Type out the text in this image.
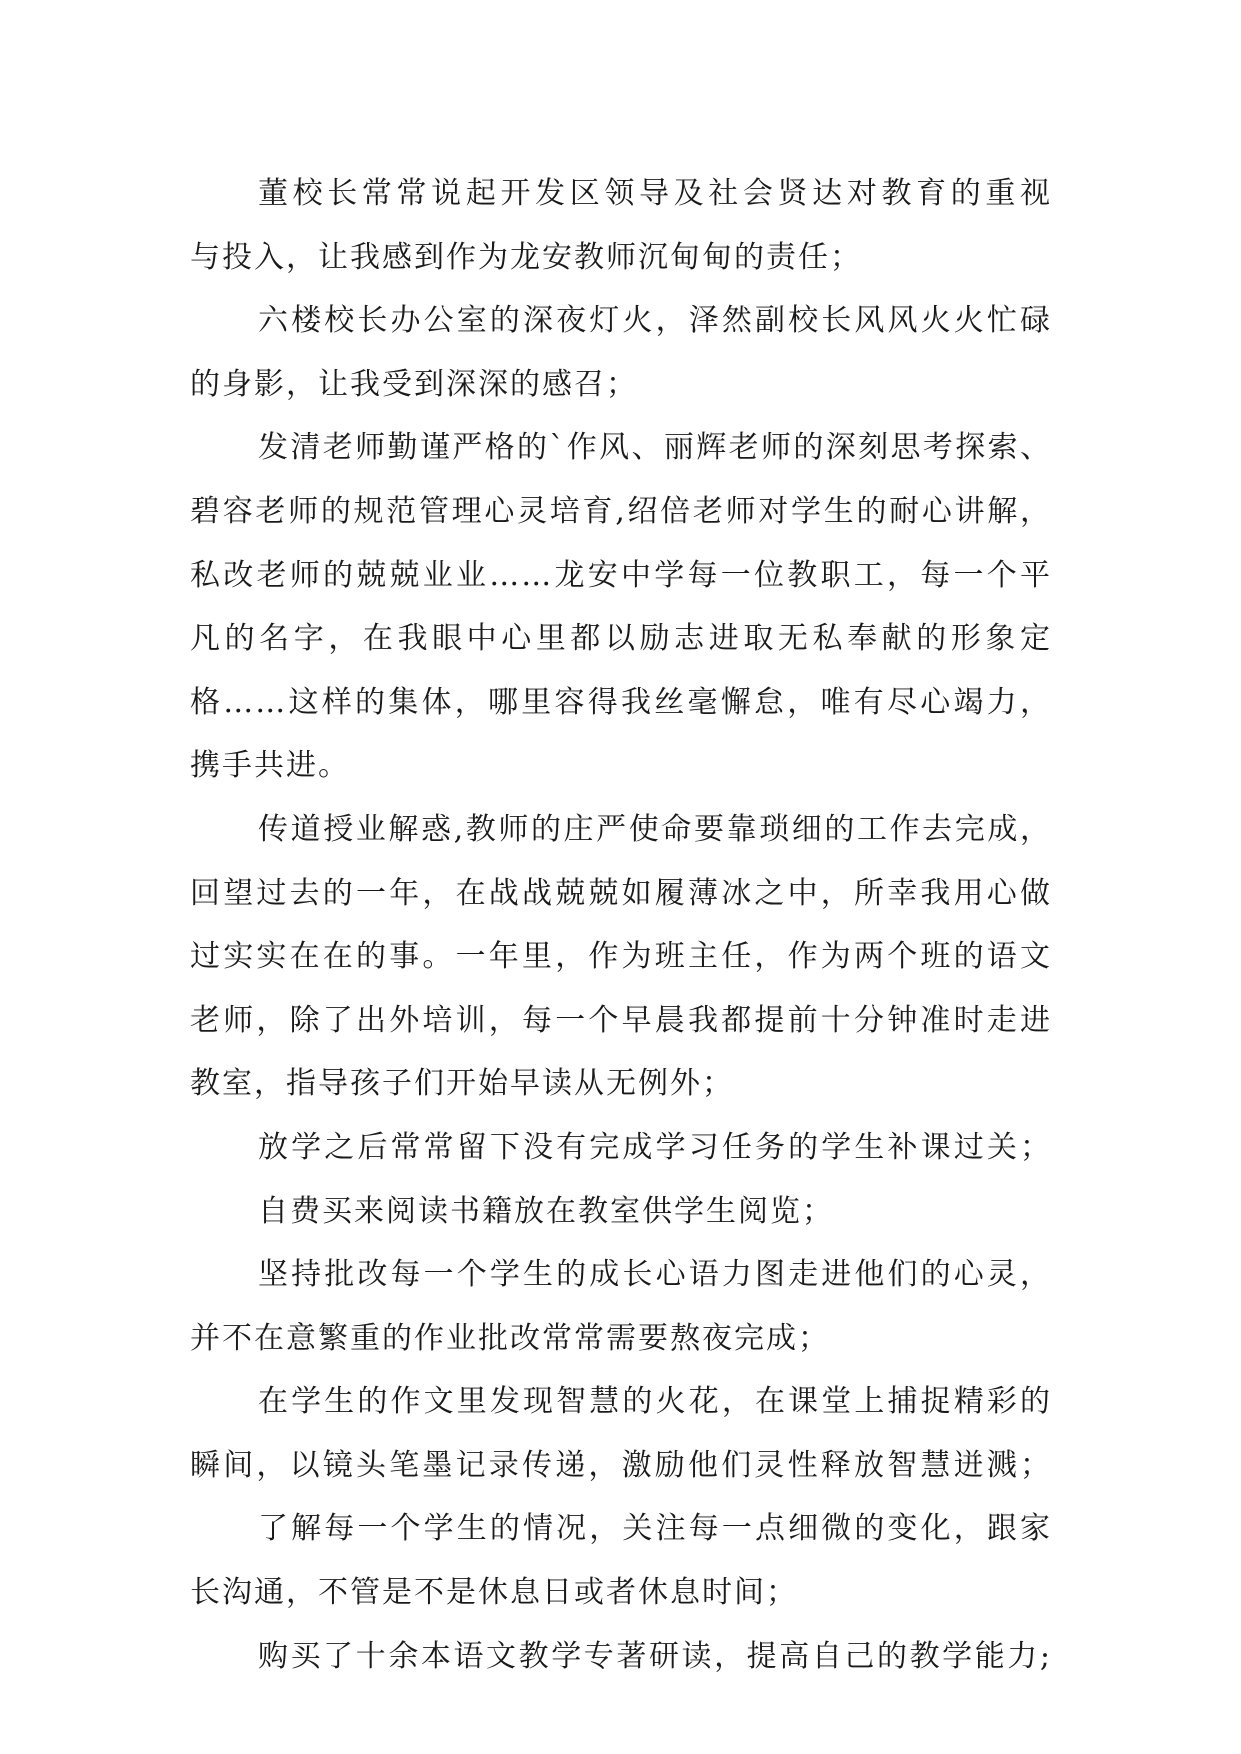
董校长常常说起开发区领导及社会贤达对教育的重视
与投入，让我感到作为龙安教师沉甸甸的责任；
六楼校长办公室的深夜灯火，泽然副校长风风火火忙碌
的身影，让我受到深深的感召；
发清老师勤谨严格的`作风、丽辉老师的深刻思考探索、
碧容老师的规范管理心灵培育,绍倍老师对学生的耐心讲解，
私改老师的兢兢业业……龙安中学每一位教职工，每一个平
凡的名字，在我眼中心里都以励志进取无私奉献的形象定
格……这样的集体，哪里容得我丝毫懈怠，唯有尽心竭力，
携手共进。
传道授业解惑,教师的庄严使命要靠琐细的工作去完成，
回望过去的一年，在战战兢兢如履薄冰之中，所幸我用心做
过实实在在的事。一年里，作为班主任，作为两个班的语文
老师，除了出外培训，每一个早晨我都提前十分钟准时走进
教室，指导孩子们开始早读从无例外；
放学之后常常留下没有完成学习任务的学生补课过关；
自费买来阅读书籍放在教室供学生阅览；
坚持批改每一个学生的成长心语力图走进他们的心灵，
并不在意繁重的作业批改常常需要熬夜完成；
在学生的作文里发现智慧的火花，在课堂上捕捉精彩的
瞬间，以镜头笔墨记录传递，激励他们灵性释放智慧迸溅；
了解每一个学生的情况，关注每一点细微的变化，跟家
长沟通，不管是不是休息日或者休息时间；
购买了十余本语文教学专著研读，提高自己的教学能力;
